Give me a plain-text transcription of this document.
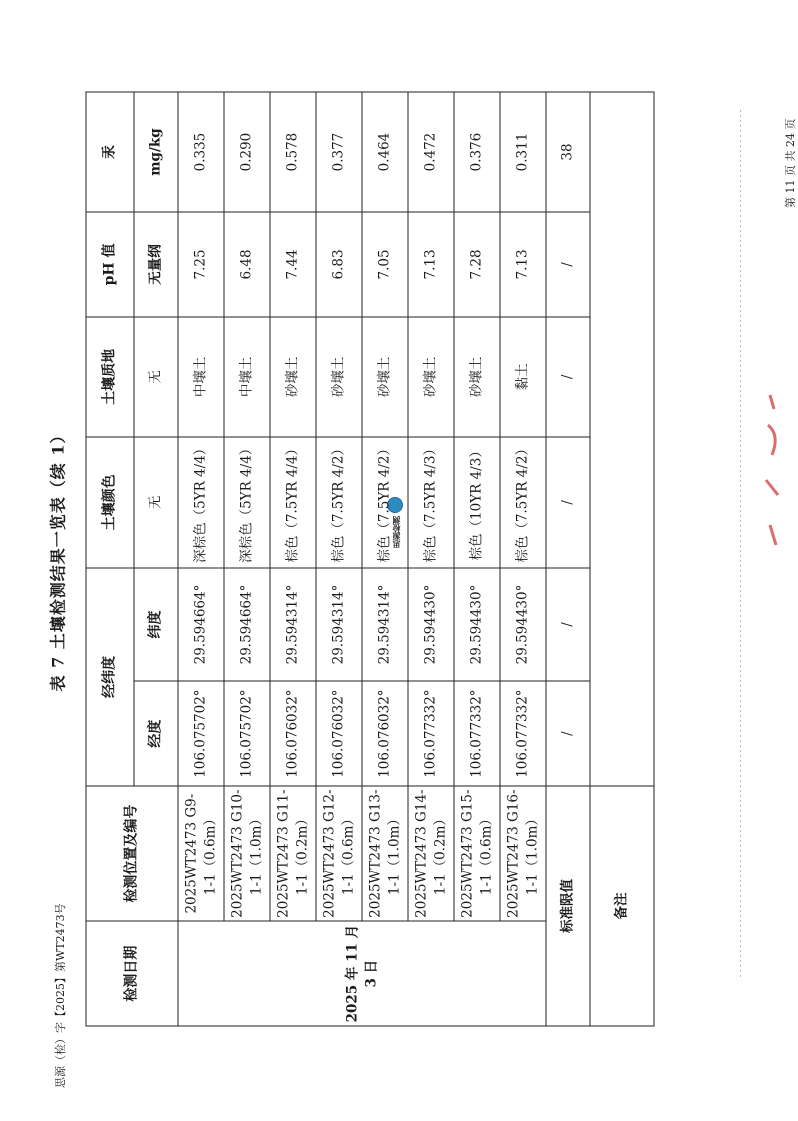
思源（检）字【2025】第WT2473号
第 11 页 共 24 页
思源检测
表 7 土壤检测结果一览表（续 1）
检测日期	检测位置及编号	经纬度		土壤颜色	土壤质地	pH 值	汞
		经度	纬度	无	无	无量纲	mg/kg
2025 年 11 月 3 日	2025WT2473 G9-1-1（0.6m）	106.075702°	29.594664°	深棕色（5YR 4/4）	中壤土	7.25	0.335
	2025WT2473 G10-1-1（1.0m）	106.075702°	29.594664°	深棕色（5YR 4/4）	中壤土	6.48	0.290
	2025WT2473 G11-1-1（0.2m）	106.076032°	29.594314°	棕色（7.5YR 4/4）	砂壤土	7.44	0.578
	2025WT2473 G12-1-1（0.6m）	106.076032°	29.594314°	棕色（7.5YR 4/2）	砂壤土	6.83	0.377
	2025WT2473 G13-1-1（1.0m）	106.076032°	29.594314°	棕色（7.5YR 4/2）	砂壤土	7.05	0.464
	2025WT2473 G14-1-1（0.2m）	106.077332°	29.594430°	棕色（7.5YR 4/3）	砂壤土	7.13	0.472
	2025WT2473 G15-1-1（0.6m）	106.077332°	29.594430°	棕色（10YR 4/3）	砂壤土	7.28	0.376
	2025WT2473 G16-1-1（1.0m）	106.077332°	29.594430°	棕色（7.5YR 4/2）	黏土	7.13	0.311
标准限值		/	/	/	/	/	38
备注							
